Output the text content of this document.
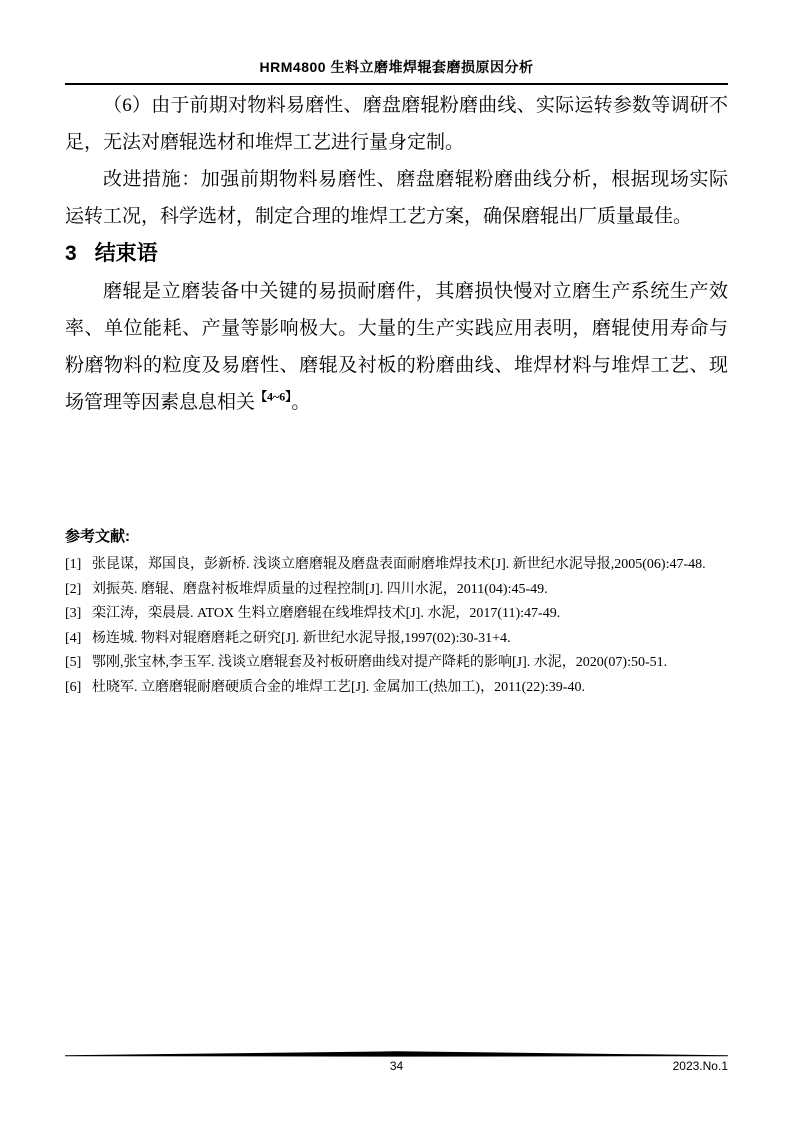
HRM4800 生料立磨堆焊辊套磨损原因分析

（6）由于前期对物料易磨性、磨盘磨辊粉磨曲线、实际运转参数等调研不足，无法对磨辊选材和堆焊工艺进行量身定制。

改进措施：加强前期物料易磨性、磨盘磨辊粉磨曲线分析，根据现场实际运转工况，科学选材，制定合理的堆焊工艺方案，确保磨辊出厂质量最佳。

3 结束语

磨辊是立磨装备中关键的易损耐磨件，其磨损快慢对立磨生产系统生产效率、单位能耗、产量等影响极大。大量的生产实践应用表明，磨辊使用寿命与粉磨物料的粒度及易磨性、磨辊及衬板的粉磨曲线、堆焊材料与堆焊工艺、现场管理等因素息息相关$^{【4\sim 6】}$。

参考文献:
[1] 张昆谋，郑国良，彭新桥. 浅谈立磨磨辊及磨盘表面耐磨堆焊技术[J]. 新世纪水泥导报,2005(06):47-48.
[2] 刘振英. 磨辊、磨盘衬板堆焊质量的过程控制[J]. 四川水泥，2011(04):45-49.
[3] 栾江涛，栾晨晨. ATOX 生料立磨磨辊在线堆焊技术[J]. 水泥，2017(11):47-49.
[4] 杨连城. 物料对辊磨磨耗之研究[J]. 新世纪水泥导报,1997(02):30-31+4.
[5] 鄂刚,张宝林,李玉军. 浅谈立磨辊套及衬板研磨曲线对提产降耗的影响[J]. 水泥，2020(07):50-51.
[6] 杜晓军. 立磨磨辊耐磨硬质合金的堆焊工艺[J]. 金属加工(热加工)，2011(22):39-40.
34	2023.No.1
